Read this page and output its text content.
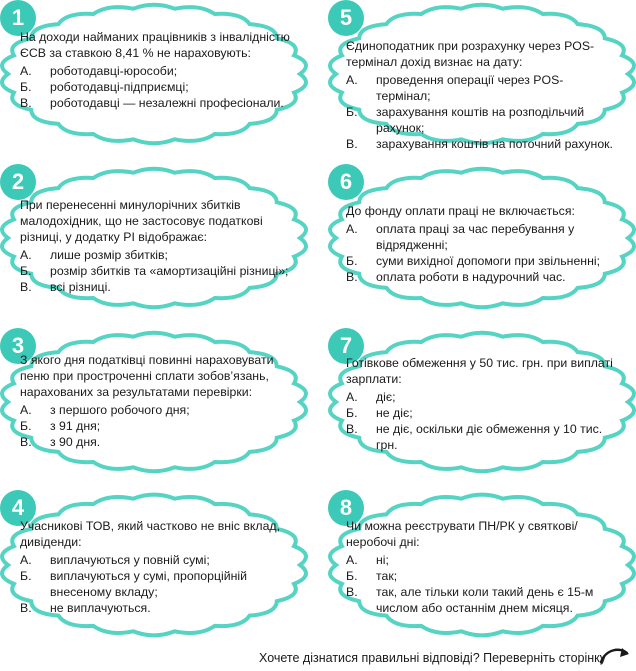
1
На доходи найманих працівників з інвалідністю ЄСВ за ставкою 8,41 % не нараховують:
А. роботодавці-юрособи;
Б. роботодавці-підприємці;
В. роботодавці — незалежні професіонали.
5
Єдиноподатник при розрахунку через POS-термінал дохід визнає на дату:
А. проведення операції через POS-термінал;
Б. зарахування коштів на розподільчий рахунок;
В. зарахування коштів на поточний рахунок.
2
При перенесенні минулорічних збитків малодохідник, що не застосовує податкові різниці, у додатку РІ відображає:
А. лише розмір збитків;
Б. розмір збитків та «амортизаційні різниці»;
В. всі різниці.
6
До фонду оплати праці не включається:
А. оплата праці за час перебування у відрядженні;
Б. суми вихідної допомоги при звільненні;
В. оплата роботи в надурочний час.
3
З якого дня податківці повинні нараховувати пеню при простроченні сплати зобов’язань, нарахованих за результатами перевірки:
А. з першого робочого дня;
Б. з 91 дня;
В. з 90 дня.
7
Готівкове обмеження у 50 тис. грн. при виплаті зарплати:
А. діє;
Б. не діє;
В. не діє, оскільки діє обмеження у 10 тис. грн.
4
Учасникові ТОВ, який частково не вніс вклад, дивіденди:
А. виплачуються у повній сумі;
Б. виплачуються у сумі, пропорційній внесеному вкладу;
В. не виплачуються.
8
Чи можна реєструвати ПН/РК у святкові/неробочі дні:
А. ні;
Б. так;
В. так, але тільки коли такий день є 15-м числом або останнім днем місяця.
Хочете дізнатися правильні відповіді? Переверніть сторінку
